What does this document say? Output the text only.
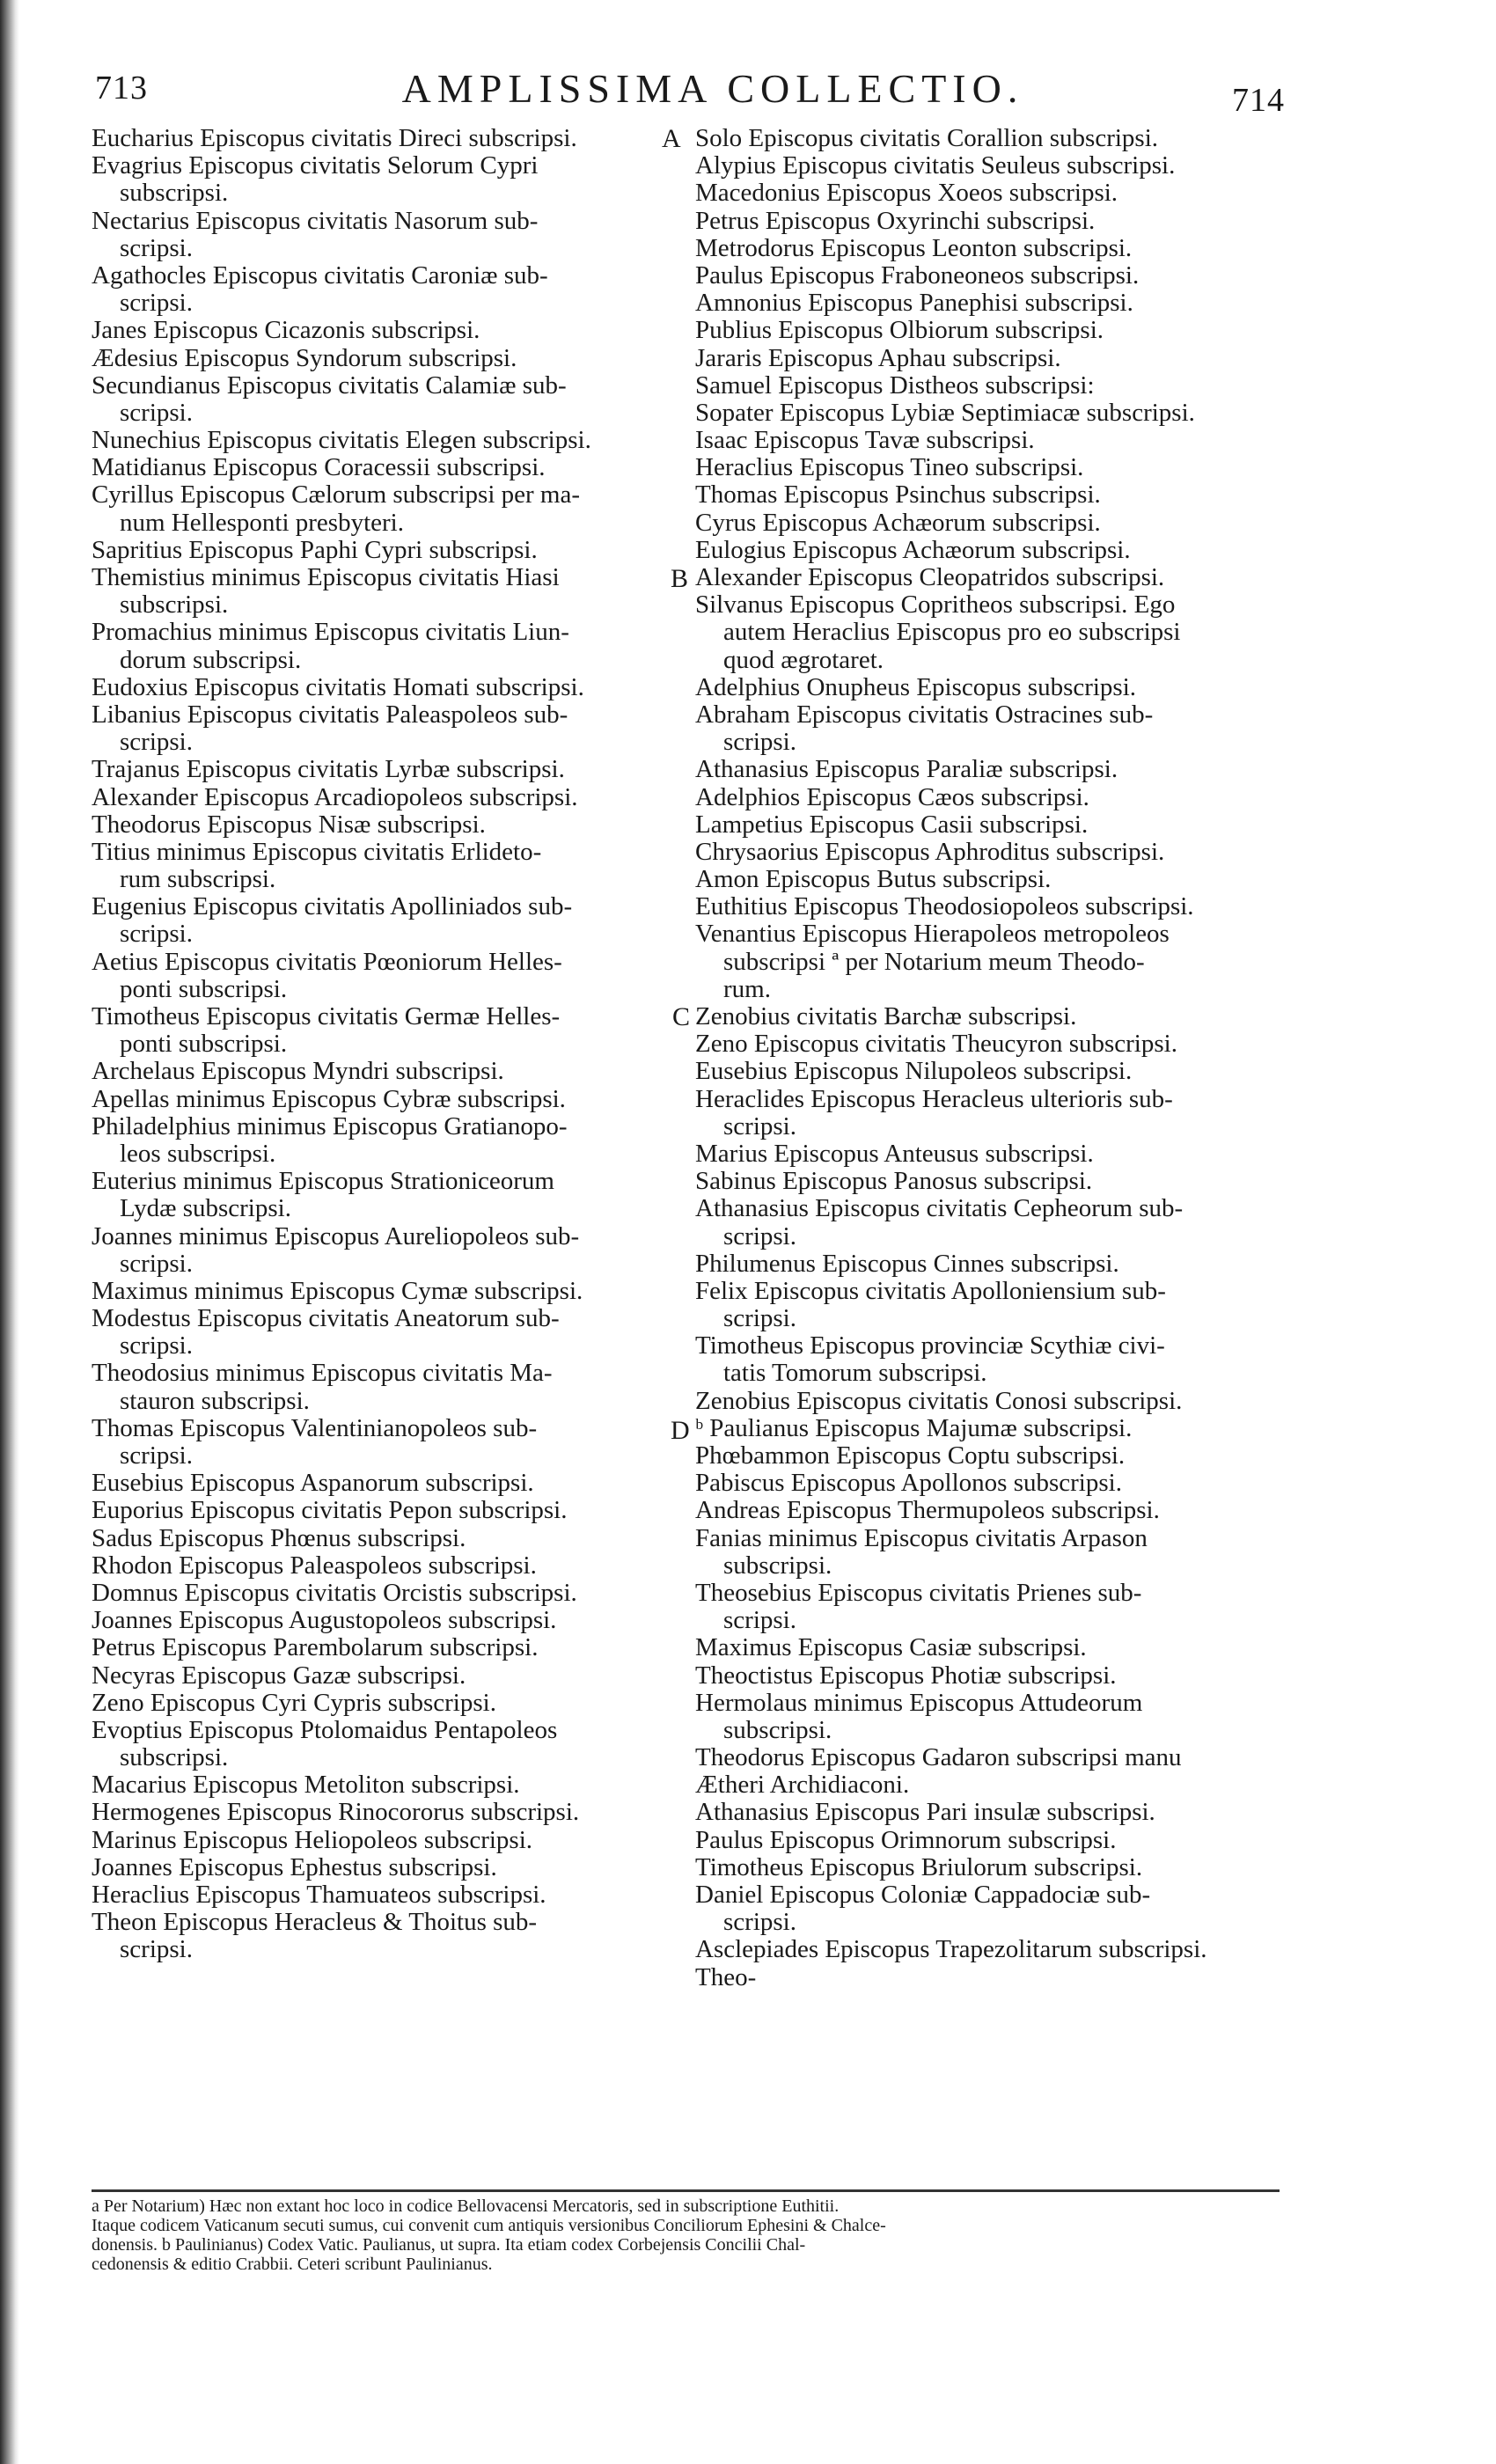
713	AMPLISSIMA COLLECTIO.	714
Eucharius Episcopus civitatis Direci subscripsi.
Evagrius Episcopus civitatis Selorum Cypri
subscripsi.
Nectarius Episcopus civitatis Nasorum sub-
scripsi.
Agathocles Episcopus civitatis Caroniæ sub-
scripsi.
Janes Episcopus Cicazonis subscripsi.
Ædesius Episcopus Syndorum subscripsi.
Secundianus Episcopus civitatis Calamiæ sub-
scripsi.
Nunechius Episcopus civitatis Elegen subscripsi.
Matidianus Episcopus Coracessii subscripsi.
Cyrillus Episcopus Cælorum subscripsi per ma-
num Hellesponti presbyteri.
Sapritius Episcopus Paphi Cypri subscripsi.
Themistius minimus Episcopus civitatis Hiasi
subscripsi.
Promachius minimus Episcopus civitatis Liun-
dorum subscripsi.
Eudoxius Episcopus civitatis Homati subscripsi.
Libanius Episcopus civitatis Paleaspoleos sub-
scripsi.
Trajanus Episcopus civitatis Lyrbæ subscripsi.
Alexander Episcopus Arcadiopoleos subscripsi.
Theodorus Episcopus Nisæ subscripsi.
Titius minimus Episcopus civitatis Erlideto-
rum subscripsi.
Eugenius Episcopus civitatis Apolliniados sub-
scripsi.
Aetius Episcopus civitatis Pœoniorum Helles-
ponti subscripsi.
Timotheus Episcopus civitatis Germæ Helles-
ponti subscripsi.
Archelaus Episcopus Myndri subscripsi.
Apellas minimus Episcopus Cybræ subscripsi.
Philadelphius minimus Episcopus Gratianopo-
leos subscripsi.
Euterius minimus Episcopus Strationiceorum
Lydæ subscripsi.
Joannes minimus Episcopus Aureliopoleos sub-
scripsi.
Maximus minimus Episcopus Cymæ subscripsi.
Modestus Episcopus civitatis Aneatorum sub-
scripsi.
Theodosius minimus Episcopus civitatis Ma-
stauron subscripsi.
Thomas Episcopus Valentinianopoleos sub-
scripsi.
Eusebius Episcopus Aspanorum subscripsi.
Euporius Episcopus civitatis Pepon subscripsi.
Sadus Episcopus Phœnus subscripsi.
Rhodon Episcopus Paleaspoleos subscripsi.
Domnus Episcopus civitatis Orcistis subscripsi.
Joannes Episcopus Augustopoleos subscripsi.
Petrus Episcopus Parembolarum subscripsi.
Necyras Episcopus Gazæ subscripsi.
Zeno Episcopus Cyri Cypris subscripsi.
Evoptius Episcopus Ptolomaidus Pentapoleos
subscripsi.
Macarius Episcopus Metoliton subscripsi.
Hermogenes Episcopus Rinocororus subscripsi.
Marinus Episcopus Heliopoleos subscripsi.
Joannes Episcopus Ephestus subscripsi.
Heraclius Episcopus Thamuateos subscripsi.
Theon Episcopus Heracleus & Thoitus sub-
scripsi.
Solo Episcopus civitatis Corallion subscripsi.
Alypius Episcopus civitatis Seuleus subscripsi.
Macedonius Episcopus Xoeos subscripsi.
Petrus Episcopus Oxyrinchi subscripsi.
Metrodorus Episcopus Leonton subscripsi.
Paulus Episcopus Fraboneoneos subscripsi.
Amnonius Episcopus Panephisi subscripsi.
Publius Episcopus Olbiorum subscripsi.
Jararis Episcopus Aphau subscripsi.
Samuel Episcopus Distheos subscripsi:
Sopater Episcopus Lybiæ Septimiacæ subscripsi.
Isaac Episcopus Tavæ subscripsi.
Heraclius Episcopus Tineo subscripsi.
Thomas Episcopus Psinchus subscripsi.
Cyrus Episcopus Achæorum subscripsi.
Eulogius Episcopus Achæorum subscripsi.
Alexander Episcopus Cleopatridos subscripsi.
Silvanus Episcopus Copritheos subscripsi. Ego
autem Heraclius Episcopus pro eo subscripsi
quod ægrotaret.
Adelphius Onupheus Episcopus subscripsi.
Abraham Episcopus civitatis Ostracines sub-
scripsi.
Athanasius Episcopus Paraliæ subscripsi.
Adelphios Episcopus Cæos subscripsi.
Lampetius Episcopus Casii subscripsi.
Chrysaorius Episcopus Aphroditus subscripsi.
Amon Episcopus Butus subscripsi.
Euthitius Episcopus Theodosiopoleos subscripsi.
Venantius Episcopus Hierapoleos metropoleos
subscripsi ª per Notarium meum Theodo-
rum.
Zenobius civitatis Barchæ subscripsi.
Zeno Episcopus civitatis Theucyron subscripsi.
Eusebius Episcopus Nilupoleos subscripsi.
Heraclides Episcopus Heracleus ulterioris sub-
scripsi.
Marius Episcopus Anteusus subscripsi.
Sabinus Episcopus Panosus subscripsi.
Athanasius Episcopus civitatis Cepheorum sub-
scripsi.
Philumenus Episcopus Cinnes subscripsi.
Felix Episcopus civitatis Apolloniensium sub-
scripsi.
Timotheus Episcopus provinciæ Scythiæ civi-
tatis Tomorum subscripsi.
Zenobius Episcopus civitatis Conosi subscripsi.
ᵇ Paulianus Episcopus Majumæ subscripsi.
Phœbammon Episcopus Coptu subscripsi.
Pabiscus Episcopus Apollonos subscripsi.
Andreas Episcopus Thermupoleos subscripsi.
Fanias minimus Episcopus civitatis Arpason
subscripsi.
Theosebius Episcopus civitatis Prienes sub-
scripsi.
Maximus Episcopus Casiæ subscripsi.
Theoctistus Episcopus Photiæ subscripsi.
Hermolaus minimus Episcopus Attudeorum
subscripsi.
Theodorus Episcopus Gadaron subscripsi manu
Ætheri Archidiaconi.
Athanasius Episcopus Pari insulæ subscripsi.
Paulus Episcopus Orimnorum subscripsi.
Timotheus Episcopus Briulorum subscripsi.
Daniel Episcopus Coloniæ Cappadociæ sub-
scripsi.
Asclepiades Episcopus Trapezolitarum subscripsi.
Theo-
A
B
C
D
a Per Notarium) Hæc non extant hoc loco in codice Bellovacensi Mercatoris, sed in subscriptione Euthitii.
Itaque codicem Vaticanum secuti sumus, cui convenit cum antiquis versionibus Conciliorum Ephesini & Chalce-
donensis. b Paulinianus) Codex Vatic. Paulianus, ut supra. Ita etiam codex Corbejensis Concilii Chal-
cedonensis & editio Crabbii. Ceteri scribunt Paulinianus.
